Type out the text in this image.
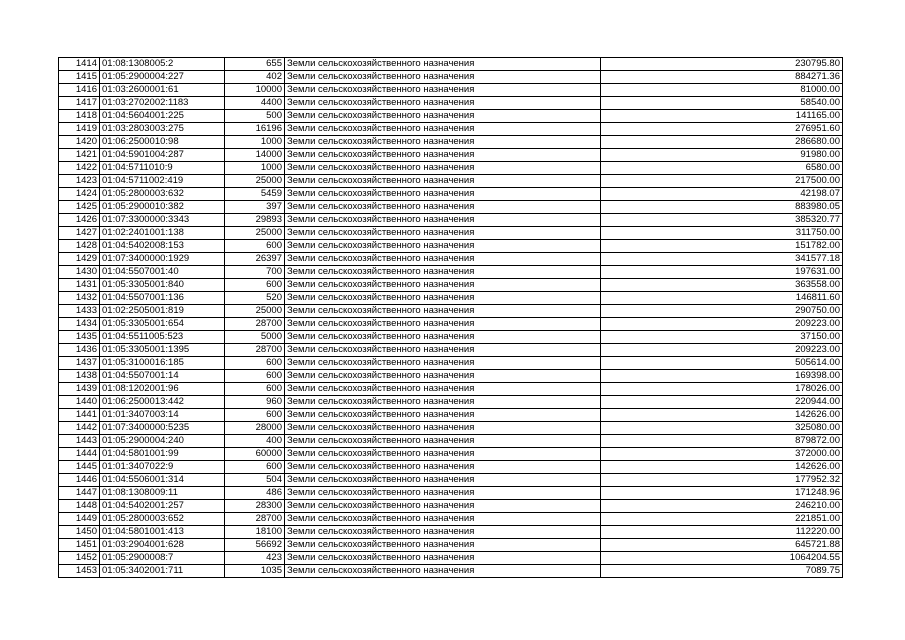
1414	01:08:1308005:2	655	Земли сельскохозяйственного назначения	230795.80
1415	01:05:2900004:227	402	Земли сельскохозяйственного назначения	884271.36
1416	01:03:2600001:61	10000	Земли сельскохозяйственного назначения	81000.00
1417	01:03:2702002:1183	4400	Земли сельскохозяйственного назначения	58540.00
1418	01:04:5604001:225	500	Земли сельскохозяйственного назначения	141165.00
1419	01:03:2803003:275	16196	Земли сельскохозяйственного назначения	276951.60
1420	01:06:2500010:98	1000	Земли сельскохозяйственного назначения	286680.00
1421	01:04:5901004:287	14000	Земли сельскохозяйственного назначения	91980.00
1422	01:04:5711010:9	1000	Земли сельскохозяйственного назначения	6580.00
1423	01:04:5711002:419	25000	Земли сельскохозяйственного назначения	217500.00
1424	01:05:2800003:632	5459	Земли сельскохозяйственного назначения	42198.07
1425	01:05:2900010:382	397	Земли сельскохозяйственного назначения	883980.05
1426	01:07:3300000:3343	29893	Земли сельскохозяйственного назначения	385320.77
1427	01:02:2401001:138	25000	Земли сельскохозяйственного назначения	311750.00
1428	01:04:5402008:153	600	Земли сельскохозяйственного назначения	151782.00
1429	01:07:3400000:1929	26397	Земли сельскохозяйственного назначения	341577.18
1430	01:04:5507001:40	700	Земли сельскохозяйственного назначения	197631.00
1431	01:05:3305001:840	600	Земли сельскохозяйственного назначения	363558.00
1432	01:04:5507001:136	520	Земли сельскохозяйственного назначения	146811.60
1433	01:02:2505001:819	25000	Земли сельскохозяйственного назначения	290750.00
1434	01:05:3305001:654	28700	Земли сельскохозяйственного назначения	209223.00
1435	01:04:5511005:523	5000	Земли сельскохозяйственного назначения	37150.00
1436	01:05:3305001:1395	28700	Земли сельскохозяйственного назначения	209223.00
1437	01:05:3100016:185	600	Земли сельскохозяйственного назначения	505614.00
1438	01:04:5507001:14	600	Земли сельскохозяйственного назначения	169398.00
1439	01:08:1202001:96	600	Земли сельскохозяйственного назначения	178026.00
1440	01:06:2500013:442	960	Земли сельскохозяйственного назначения	220944.00
1441	01:01:3407003:14	600	Земли сельскохозяйственного назначения	142626.00
1442	01:07:3400000:5235	28000	Земли сельскохозяйственного назначения	325080.00
1443	01:05:2900004:240	400	Земли сельскохозяйственного назначения	879872.00
1444	01:04:5801001:99	60000	Земли сельскохозяйственного назначения	372000.00
1445	01:01:3407022:9	600	Земли сельскохозяйственного назначения	142626.00
1446	01:04:5506001:314	504	Земли сельскохозяйственного назначения	177952.32
1447	01:08:1308009:11	486	Земли сельскохозяйственного назначения	171248.96
1448	01:04:5402001:257	28300	Земли сельскохозяйственного назначения	246210.00
1449	01:05:2800003:652	28700	Земли сельскохозяйственного назначения	221851.00
1450	01:04:5801001:413	18100	Земли сельскохозяйственного назначения	112220.00
1451	01:03:2904001:628	56692	Земли сельскохозяйственного назначения	645721.88
1452	01:05:2900008:7	423	Земли сельскохозяйственного назначения	1064204.55
1453	01:05:3402001:711	1035	Земли сельскохозяйственного назначения	7089.75
